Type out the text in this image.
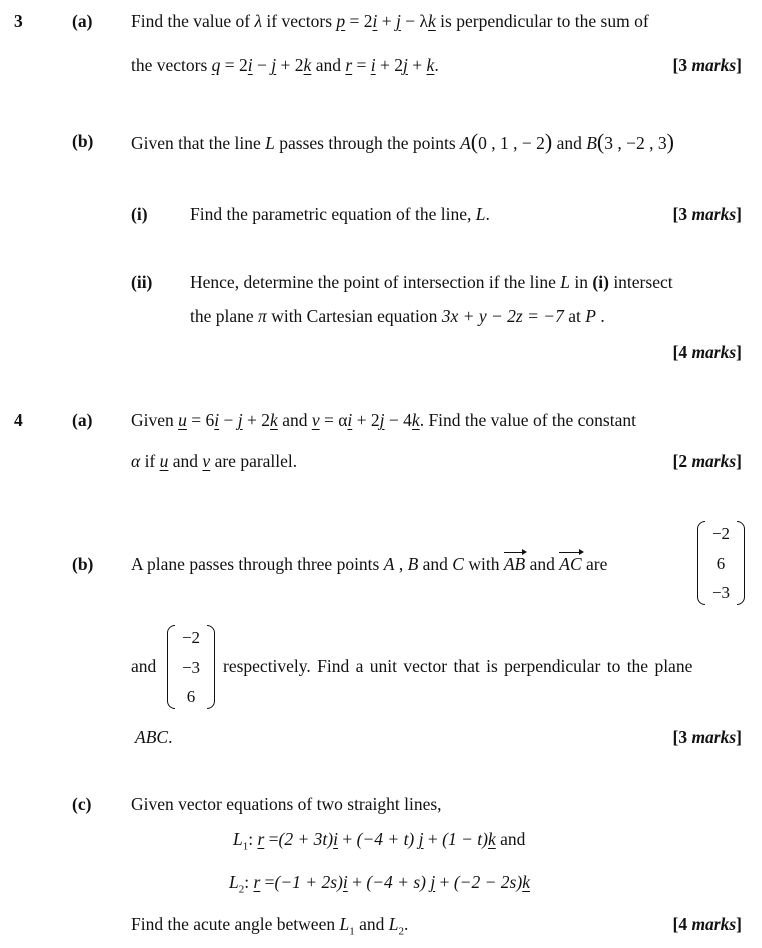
3	(a) Find the value of λ if vectors p = 2i + j − λk is perpendicular to the sum of
the vectors q = 2i − j + 2k and r = i + 2j + k.	[3 marks]
(b) Given that the line L passes through the points A(0 , 1 , − 2) and B(3 , −2 , 3)
(i) Find the parametric equation of the line, L.	[3 marks]
(ii) Hence, determine the point of intersection if the line L in (i) intersect
the plane π with Cartesian equation 3x + y − 2z = −7 at P .
[4 marks]
4	(a) Given u = 6i − j + 2k and v = αi + 2j − 4k. Find the value of the constant
α if u and v are parallel.	[2 marks]
(b) A plane passes through three points A , B and C with AB and AC are
−2
6
−3
and
−2
−3
6
respectively. Find a unit vector that is perpendicular to the plane
ABC.	[3 marks]
(c) Given vector equations of two straight lines,
$L_1$: r =(2 + 3t)i + (−4 + t) j + (1 − t)k and
$L_2$: r =(−1 + 2s)i + (−4 + s) j + (−2 − 2s)k
Find the acute angle between $L_1$ and $L_2$.	[4 marks]
